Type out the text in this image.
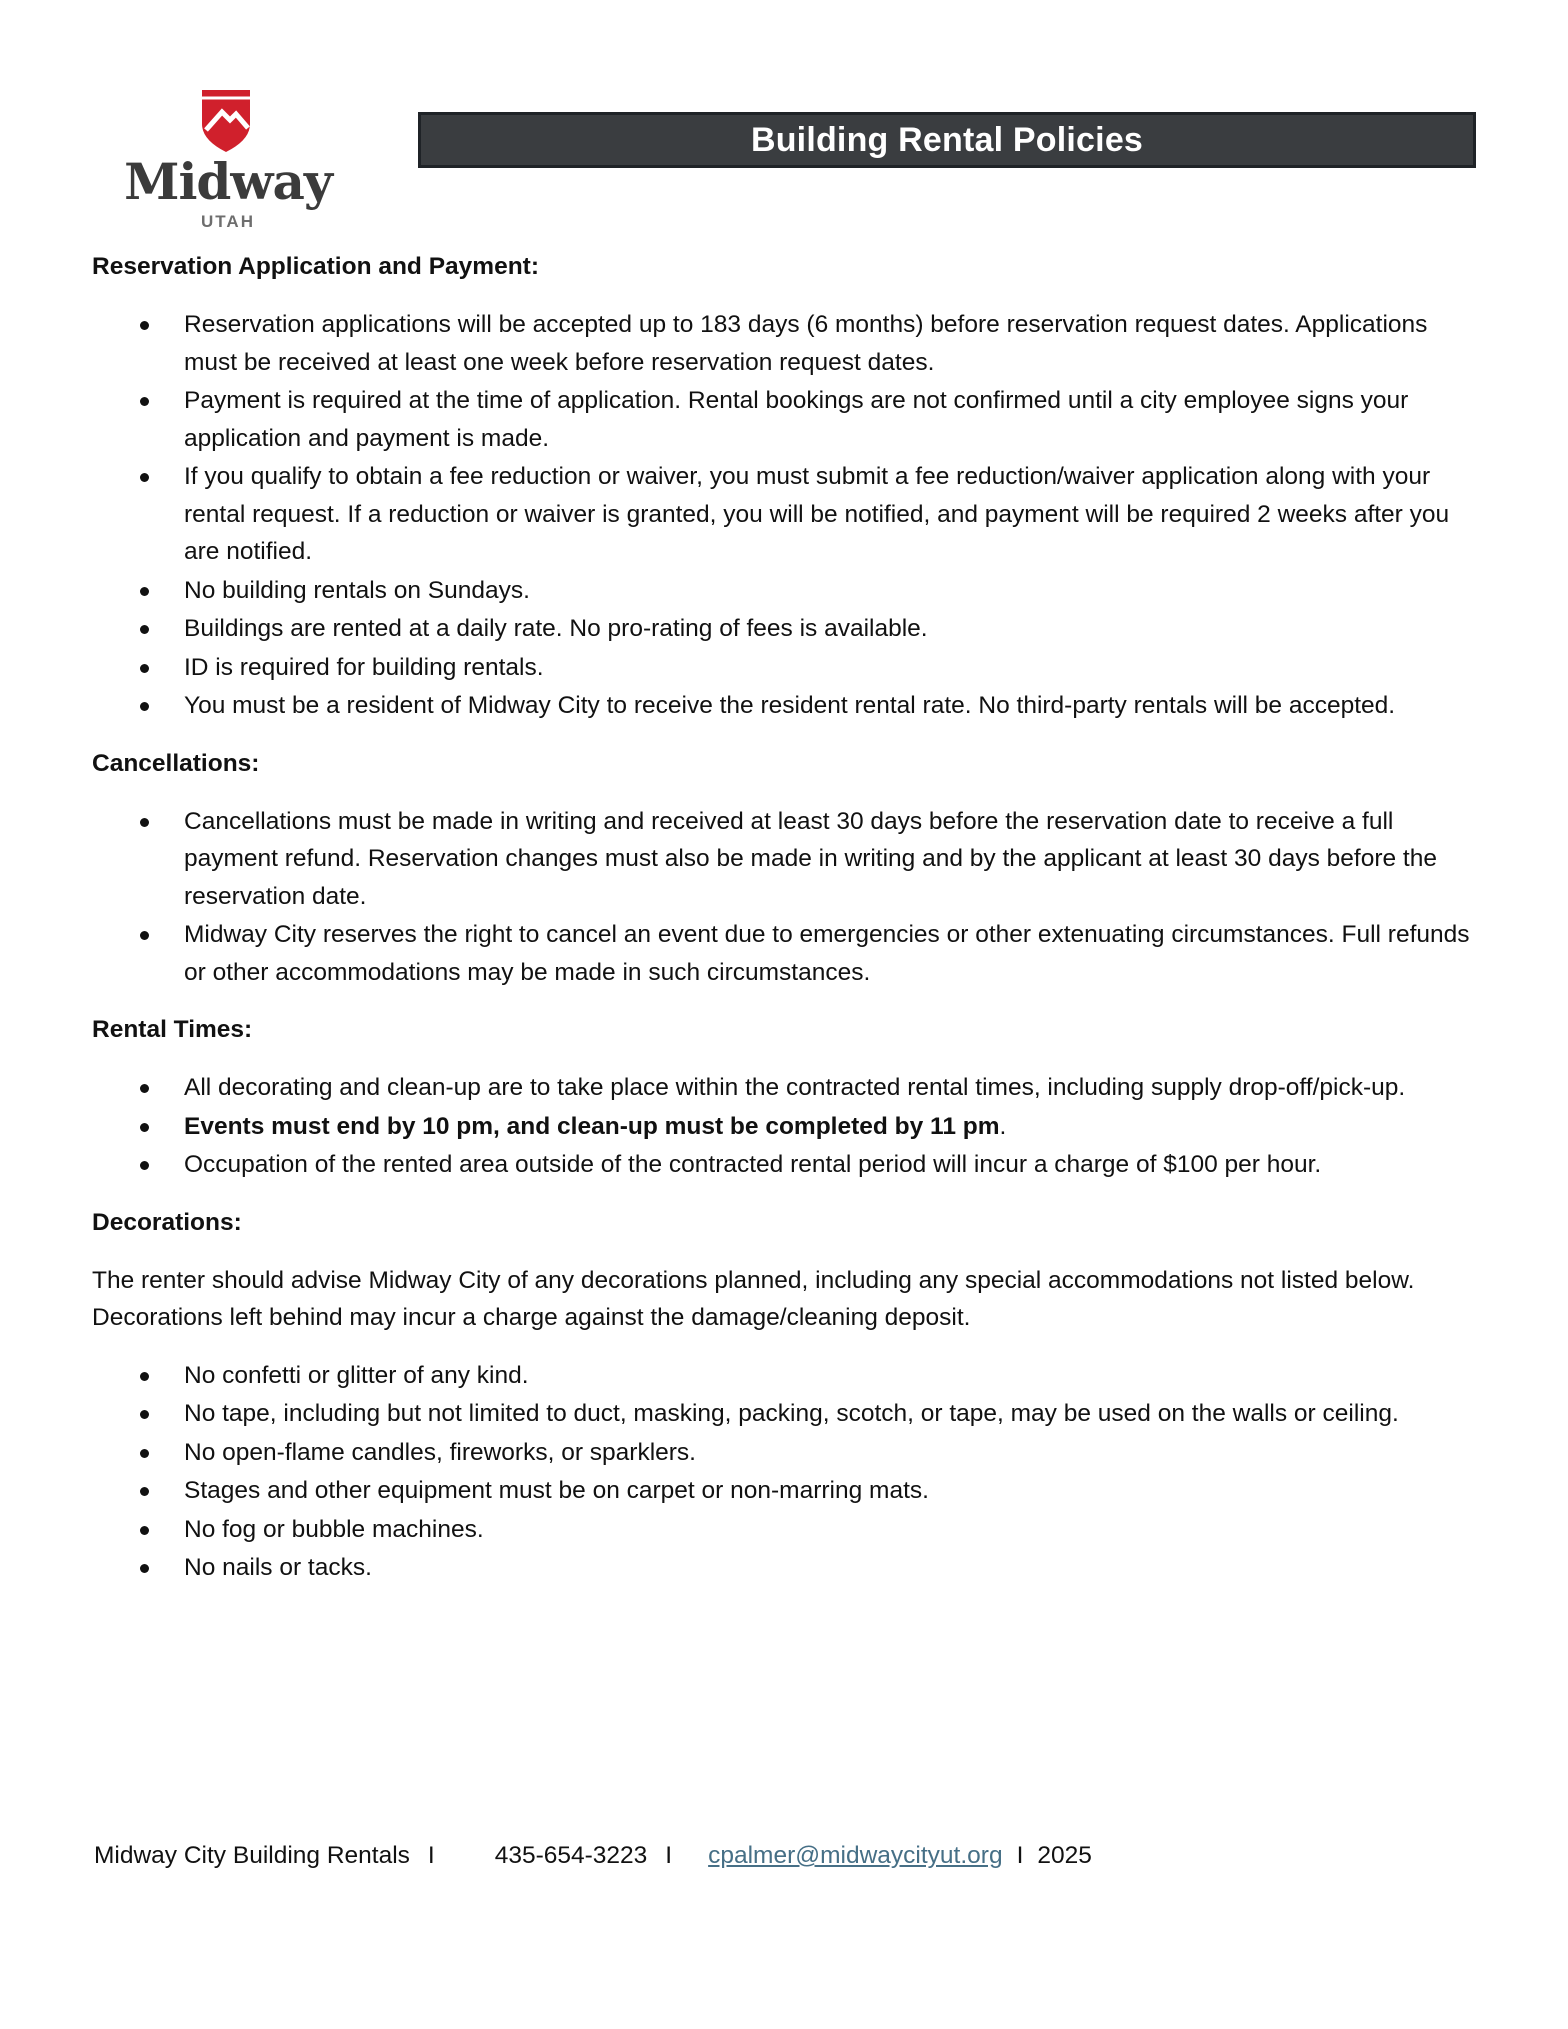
Midway
UTAH
Building Rental Policies
Reservation Application and Payment:
Reservation applications will be accepted up to 183 days (6 months) before reservation request dates. Applications must be received at least one week before reservation request dates.
Payment is required at the time of application. Rental bookings are not confirmed until a city employee signs your application and payment is made.
If you qualify to obtain a fee reduction or waiver, you must submit a fee reduction/waiver application along with your rental request. If a reduction or waiver is granted, you will be notified, and payment will be required 2 weeks after you are notified.
No building rentals on Sundays.
Buildings are rented at a daily rate. No pro-rating of fees is available.
ID is required for building rentals.
You must be a resident of Midway City to receive the resident rental rate. No third-party rentals will be accepted.
Cancellations:
Cancellations must be made in writing and received at least 30 days before the reservation date to receive a full payment refund. Reservation changes must also be made in writing and by the applicant at least 30 days before the reservation date.
Midway City reserves the right to cancel an event due to emergencies or other extenuating circumstances. Full refunds or other accommodations may be made in such circumstances.
Rental Times:
All decorating and clean-up are to take place within the contracted rental times, including supply drop-off/pick-up.
Events must end by 10 pm, and clean-up must be completed by 11 pm.
Occupation of the rented area outside of the contracted rental period will incur a charge of $100 per hour.
Decorations:

The renter should advise Midway City of any decorations planned, including any special accommodations not listed below. Decorations left behind may incur a charge against the damage/cleaning deposit.

No confetti or glitter of any kind.
No tape, including but not limited to duct, masking, packing, scotch, or tape, may be used on the walls or ceiling.
No open-flame candles, fireworks, or sparklers.
Stages and other equipment must be on carpet or non-marring mats.
No fog or bubble machines.
No nails or tacks.
Midway City Building Rentals I 435-654-3223 I cpalmer@midwaycityut.org I 2025
